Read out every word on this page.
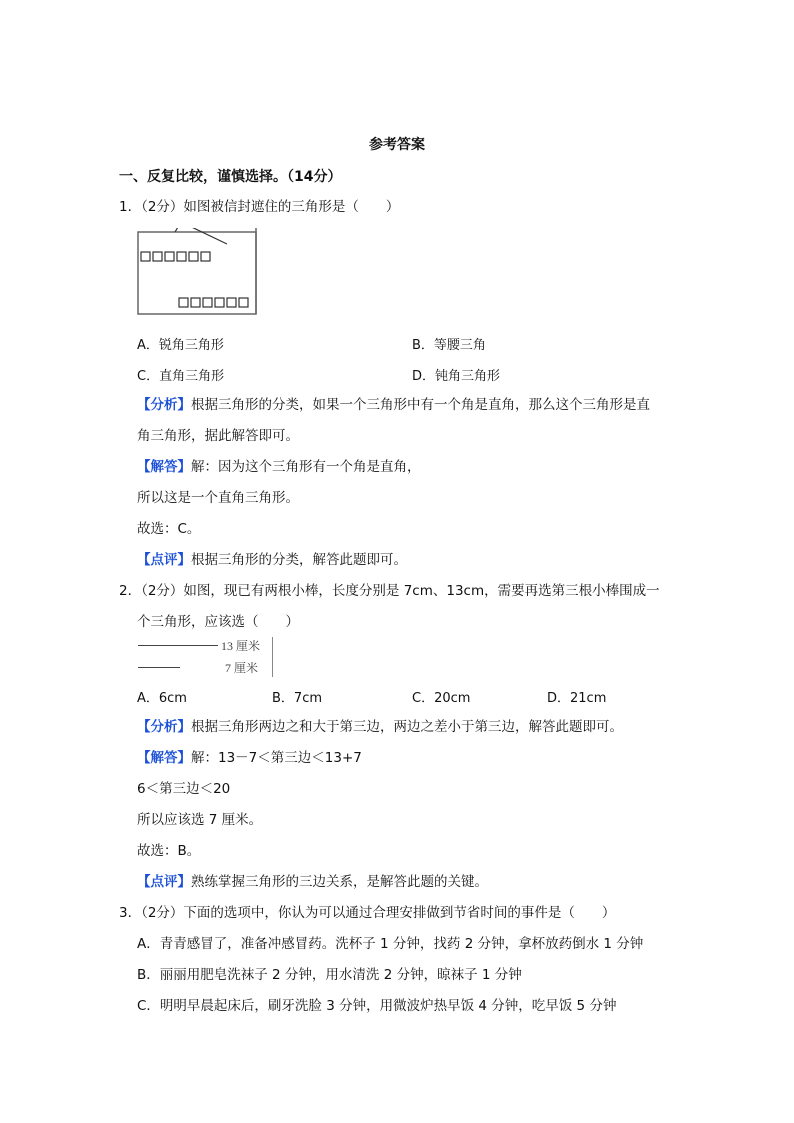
参考答案
一、反复比较，谨慎选择。（14分）
1．（2分）如图被信封遮住的三角形是（　　）
A．锐角三角形	B．等腰三角
C．直角三角形	D．钝角三角形
【分析】根据三角形的分类，如果一个三角形中有一个角是直角，那么这个三角形是直
角三角形，据此解答即可。
【解答】解：因为这个三角形有一个角是直角，
所以这是一个直角三角形。
故选：C。
【点评】根据三角形的分类，解答此题即可。
2．（2分）如图，现已有两根小棒，长度分别是 7cm、13cm，需要再选第三根小棒围成一
个三角形，应该选（　　）
13 厘米
7 厘米
A．6cm	B．7cm	C．20cm	D．21cm
【分析】根据三角形两边之和大于第三边，两边之差小于第三边，解答此题即可。
【解答】解：13－7＜第三边＜13+7
6＜第三边＜20
所以应该选 7 厘米。
故选：B。
【点评】熟练掌握三角形的三边关系，是解答此题的关键。
3．（2分）下面的选项中，你认为可以通过合理安排做到节省时间的事件是（　　）
A．青青感冒了，准备冲感冒药。洗杯子 1 分钟，找药 2 分钟，拿杯放药倒水 1 分钟
B．丽丽用肥皂洗袜子 2 分钟，用水清洗 2 分钟，晾袜子 1 分钟
C．明明早晨起床后，刷牙洗脸 3 分钟，用微波炉热早饭 4 分钟，吃早饭 5 分钟
